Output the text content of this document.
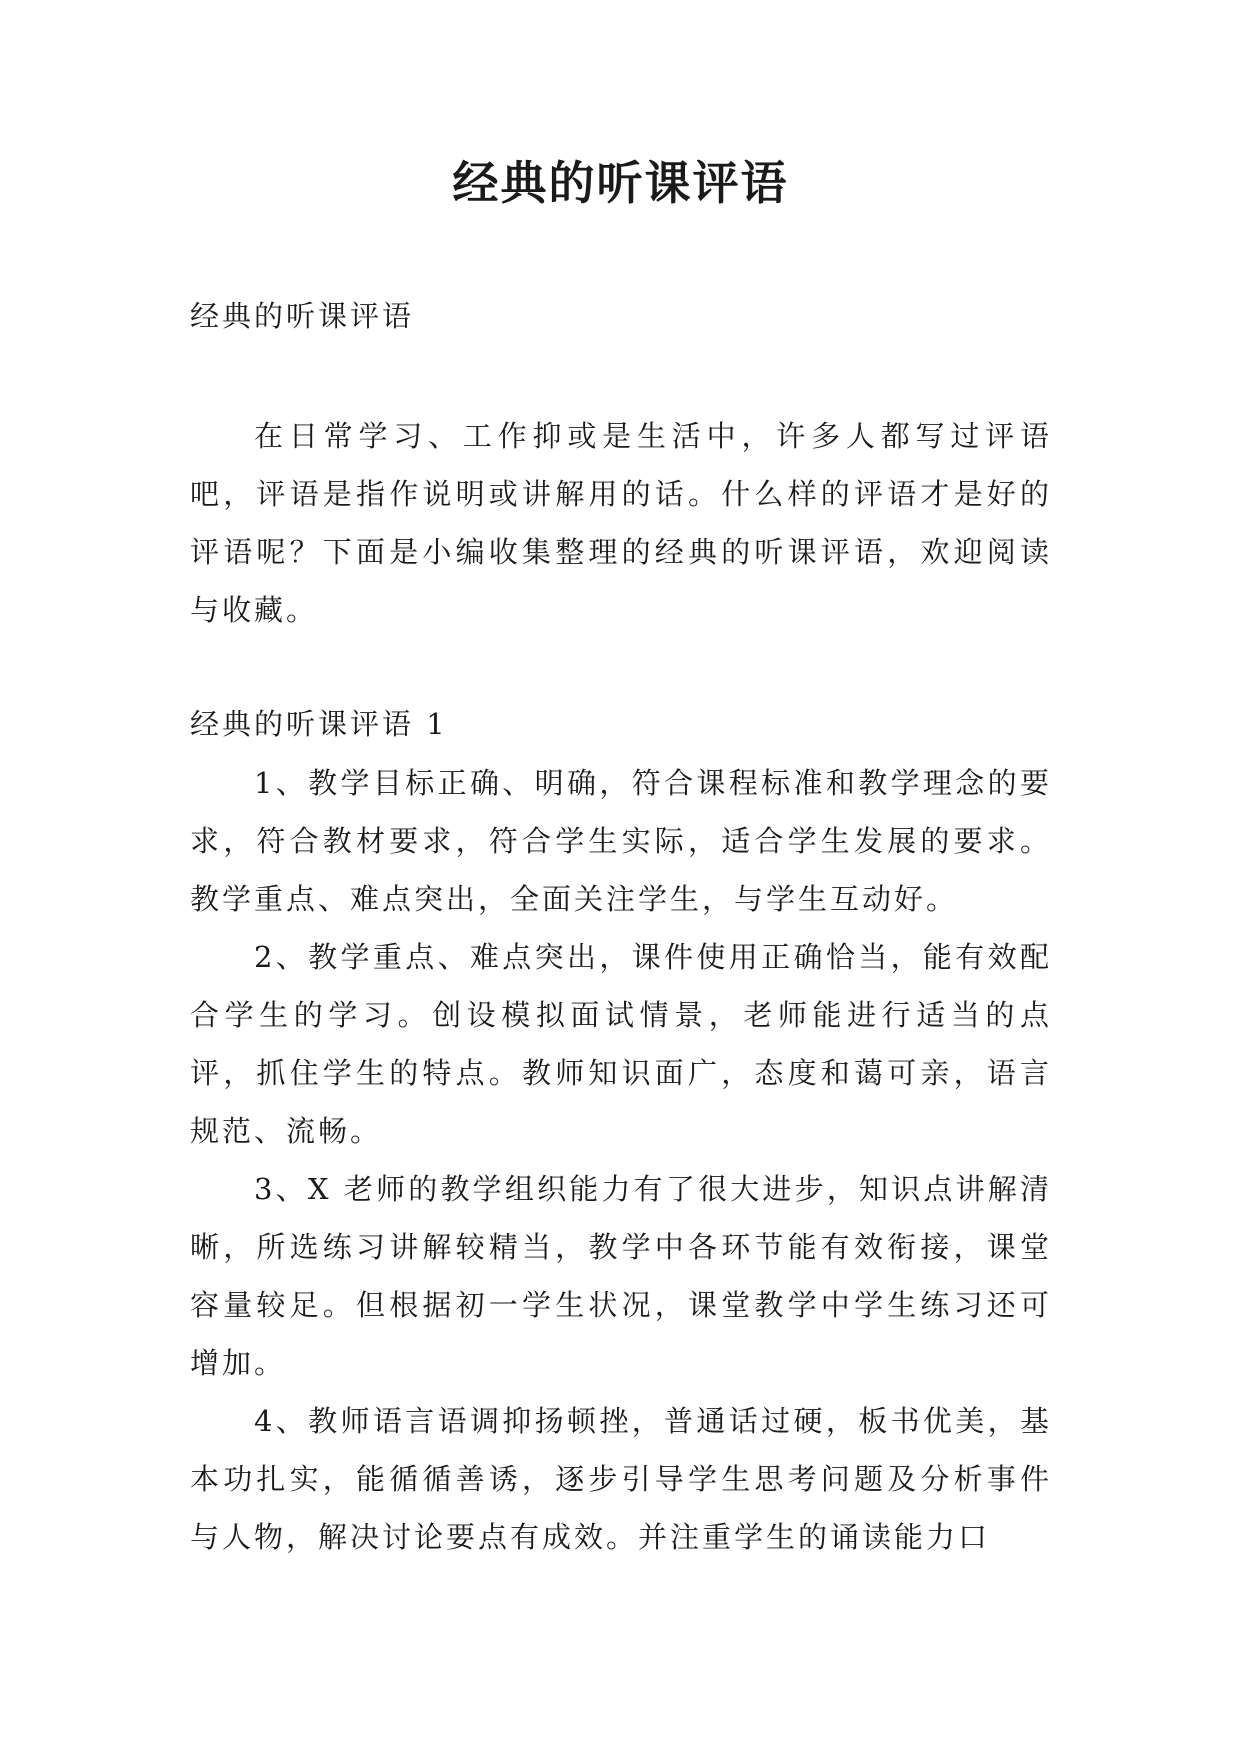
经典的听课评语

经典的听课评语

在日常学习、工作抑或是生活中，许多人都写过评语吧，评语是指作说明或讲解用的话。什么样的评语才是好的评语呢？下面是小编收集整理的经典的听课评语，欢迎阅读与收藏。

经典的听课评语 1

1、教学目标正确、明确，符合课程标准和教学理念的要求，符合教材要求，符合学生实际，适合学生发展的要求。教学重点、难点突出，全面关注学生，与学生互动好。

2、教学重点、难点突出，课件使用正确恰当，能有效配合学生的学习。创设模拟面试情景，老师能进行适当的点评，抓住学生的特点。教师知识面广，态度和蔼可亲，语言规范、流畅。

3、X 老师的教学组织能力有了很大进步，知识点讲解清晰，所选练习讲解较精当，教学中各环节能有效衔接，课堂容量较足。但根据初一学生状况，课堂教学中学生练习还可增加。

4、教师语言语调抑扬顿挫，普通话过硬，板书优美，基本功扎实，能循循善诱，逐步引导学生思考问题及分析事件与人物，解决讨论要点有成效。并注重学生的诵读能力口
